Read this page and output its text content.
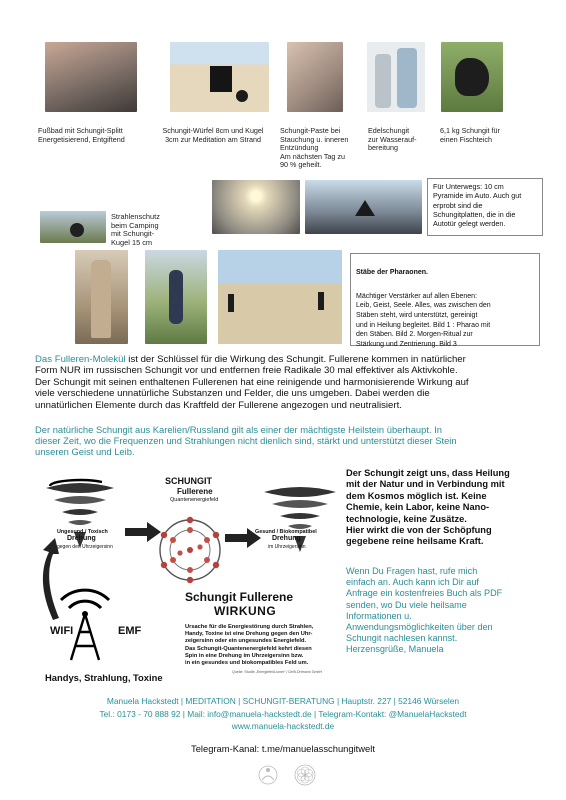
Fußbad mit Schungit-Splitt
Energetisierend, Entgiftend
Schungit-Würfel 8cm und Kugel
3cm zur Meditation am Strand
Schungit-Paste bei
Stauchung u. inneren
Entzündung
Am nächsten Tag zu
90 % geheilt.
Edelschungit
zur Wasserauf-
bereitung
6,1 kg Schungit für
einen Fischteich
Strahlenschutz
beim Camping
mit Schungit-
Kugel 15 cm
Für Unterwegs: 10 cm
Pyramide im Auto. Auch gut
erprobt sind die
Schungitplatten, die in die
Autotür gelegt werden.

Stäbe der Pharaonen.

Mächtiger Verstärker auf allen Ebenen:
Leib, Geist, Seele. Alles, was zwischen den
Stäben steht, wird unterstützt, gereinigt
und in Heilung begleitet. Bild 1 : Pharao mit
den Stäben. Bild 2. Morgen-Ritual zur
Stärkung und Zentrierung. Bild 3

Das Fulleren-Molekül ist der Schlüssel für die Wirkung des Schungit. Fullerene kommen in natürlicher
Form NUR im russischen Schungit vor und entfernen freie Radikale 30 mal effektiver als Aktivkohle.
Der Schungit mit seinen enthaltenen Fullerenen hat eine reinigende und harmonisierende Wirkung auf
viele verschiedene unnatürliche Substanzen und Felder, die uns umgeben. Dabei werden die
unnatürlichen Elemente durch das Kraftfeld der Fullerene angezogen und neutralisiert.
Der natürliche Schungit aus Karelien/Russland gilt als einer der mächtigste Heilstein überhaupt. In
dieser Zeit, wo die Frequenzen und Strahlungen nicht dienlich sind, stärkt und unterstützt dieser Stein
unseren Geist und Leib.
SCHUNGIT
Fullerene
Quantenenergiefeld
Ungesund / Toxisch
Drehung
gegen den Uhrzeigersinn
Gesund / Biokompatibel
Drehung
im Uhrzeigersinn
WIFI	EMF
Handys, Strahlung, Toxine
Schungit Fullerene
WIRKUNG
Ursache für die Energiestörung durch Strahlen,
Handy, Toxine ist eine Drehung gegen den Uhr-
zeigersinn oder ein ungesundes Energiefeld.
Das Schungit-Quantenenergiefeld kehrt diesen
Spin in eine Drehung im Uhrzeigersinn bzw.
in ein gesundes und biokompatibles Feld um.
Quelle: Studie „Energiefeld-ioner“ / Delfi-Ortmann GmbH
Der Schungit zeigt uns, dass Heilung
mit der Natur und in Verbindung mit
dem Kosmos möglich ist. Keine
Chemie, kein Labor, keine Nano-
technologie, keine Zusätze.
Hier wirkt die von der Schöpfung
gegebene reine heilsame Kraft.
Wenn Du Fragen hast, rufe mich
einfach an. Auch kann ich Dir auf
Anfrage ein kostenfreies Buch als PDF
senden, wo Du viele heilsame
Informationen u.
Anwendungsmöglichkeiten über den
Schungit nachlesen kannst.
Herzensgrüße, Manuela
Manuela Hackstedt | MEDITATION | SCHUNGIT-BERATUNG | Hauptstr. 227 | 52146 Würselen
Tel.: 0173 - 70 888 92 | Mail: info@manuela-hackstedt.de | Telegram-Kontakt: @ManuelaHackstedt
www.manuela-hackstedt.de
Telegram-Kanal: t.me/manuelasschungitwelt
